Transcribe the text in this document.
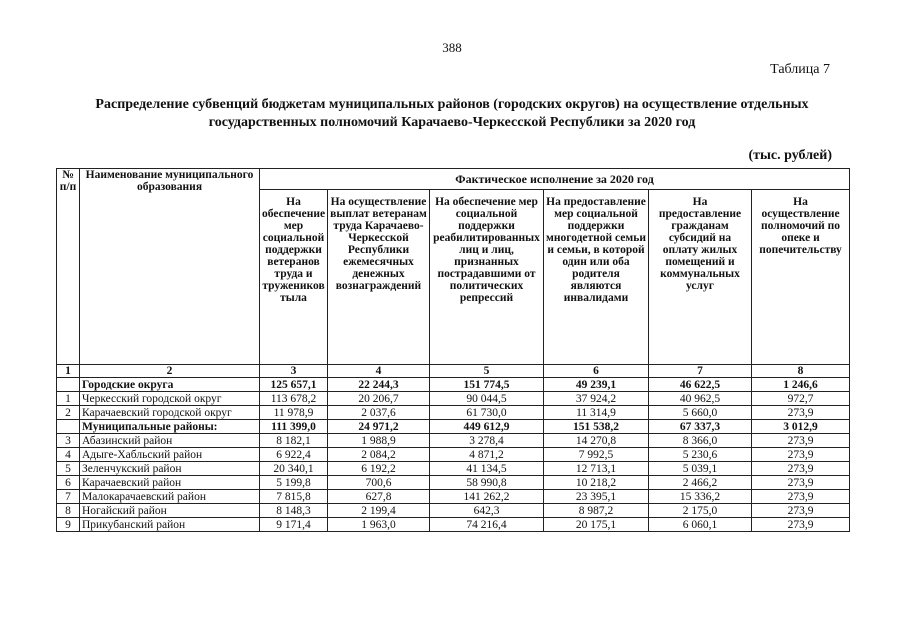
388
Таблица 7
Распределение субвенций бюджетам муниципальных районов (городских округов) на осуществление отдельных
государственных полномочий Карачаево-Черкесской Республики за 2020 год
(тыс. рублей)
№ п/п	Наименование муниципального образования	Фактическое исполнение за 2020 год					
		На обеспечение мер социальной поддержки ветеранов труда и тружеников тыла	На осуществление выплат ветеранам труда Карачаево-Черкесской Республики ежемесячных денежных вознаграждений	На обеспечение мер социальной поддержки реабилитированных лиц и лиц, признанных пострадавшими от политических репрессий	На предоставление мер социальной поддержки многодетной семьи и семьи, в которой один или оба родителя являются инвалидами	На предоставление гражданам субсидий на оплату жилых помещений и коммунальных услуг	На осуществление полномочий по опеке и попечительству
1	2	3	4	5	6	7	8
	Городские округа	125 657,1	22 244,3	151 774,5	49 239,1	46 622,5	1 246,6
1	Черкесский городской округ	113 678,2	20 206,7	90 044,5	37 924,2	40 962,5	972,7
2	Карачаевский городской округ	11 978,9	2 037,6	61 730,0	11 314,9	5 660,0	273,9
	Муниципальные районы:	111 399,0	24 971,2	449 612,9	151 538,2	67 337,3	3 012,9
3	Абазинский район	8 182,1	1 988,9	3 278,4	14 270,8	8 366,0	273,9
4	Адыге-Хабльский район	6 922,4	2 084,2	4 871,2	7 992,5	5 230,6	273,9
5	Зеленчукский район	20 340,1	6 192,2	41 134,5	12 713,1	5 039,1	273,9
6	Карачаевский район	5 199,8	700,6	58 990,8	10 218,2	2 466,2	273,9
7	Малокарачаевский район	7 815,8	627,8	141 262,2	23 395,1	15 336,2	273,9
8	Ногайский район	8 148,3	2 199,4	642,3	8 987,2	2 175,0	273,9
9	Прикубанский район	9 171,4	1 963,0	74 216,4	20 175,1	6 060,1	273,9
